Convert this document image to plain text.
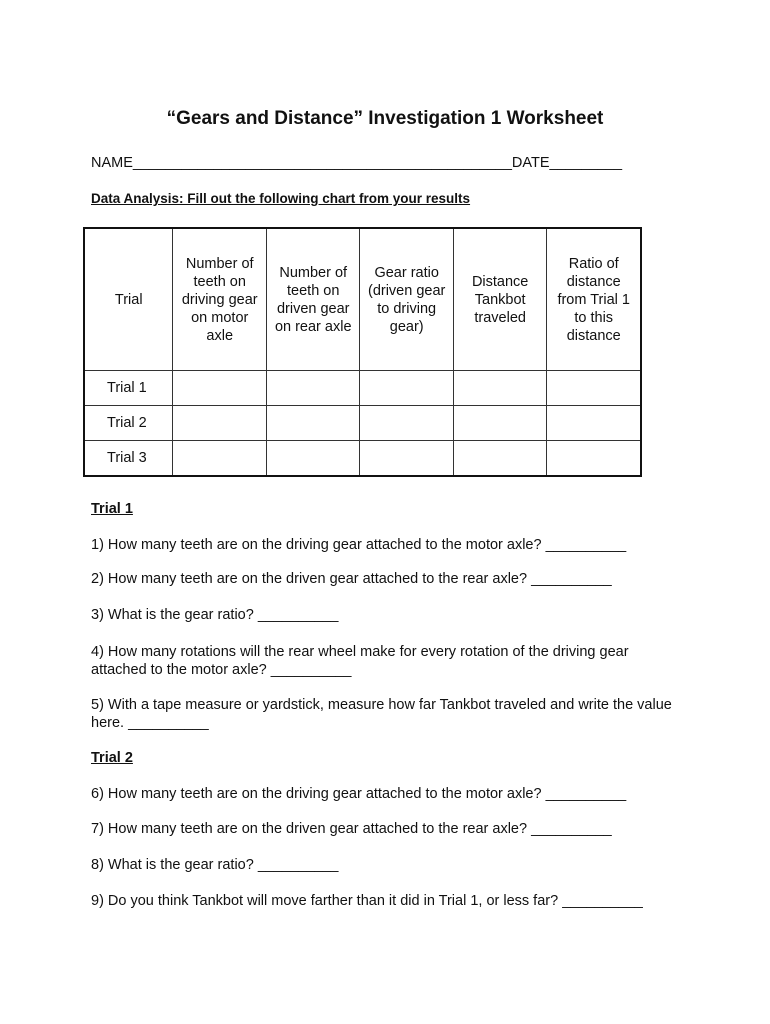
“Gears and Distance” Investigation 1 Worksheet
NAME_______________________________________________DATE_________
Data Analysis: Fill out the following chart from your results
Trial	Number of teeth on driving gear on motor axle	Number of teeth on driven gear on rear axle	Gear ratio (driven gear to driving gear)	Distance Tankbot traveled	Ratio of distance from Trial 1 to this distance
Trial 1					
Trial 2					
Trial 3					
Trial 1
1) How many teeth are on the driving gear attached to the motor axle? __________
2) How many teeth are on the driven gear attached to the rear axle? __________
3) What is the gear ratio? __________
4) How many rotations will the rear wheel make for every rotation of the driving gear attached to the motor axle? __________
5) With a tape measure or yardstick, measure how far Tankbot traveled and write the value here. __________
Trial 2
6) How many teeth are on the driving gear attached to the motor axle? __________
7) How many teeth are on the driven gear attached to the rear axle? __________
8) What is the gear ratio? __________
9) Do you think Tankbot will move farther than it did in Trial 1, or less far? __________
